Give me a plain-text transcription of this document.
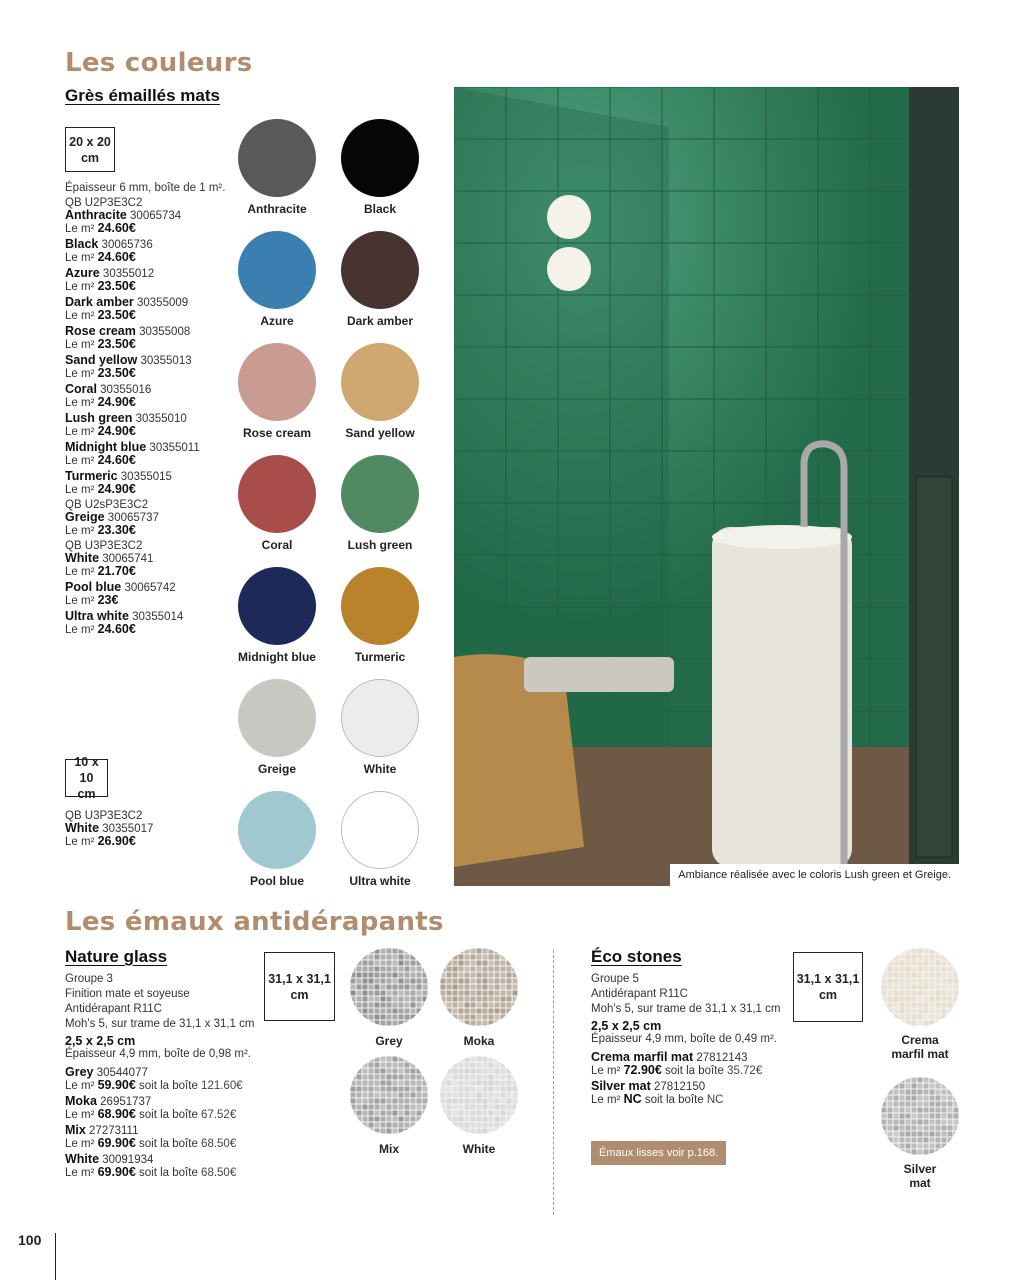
Les couleurs
Grès émaillés mats
20 x 20
cm
Épaisseur 6 mm, boîte de 1 m².
QB U2P3E3C2
Anthracite 30065734
Le m² 24.60€
Black 30065736
Le m² 24.60€
Azure 30355012
Le m² 23.50€
Dark amber 30355009
Le m² 23.50€
Rose cream 30355008
Le m² 23.50€
Sand yellow 30355013
Le m² 23.50€
Coral 30355016
Le m² 24.90€
Lush green 30355010
Le m² 24.90€
Midnight blue 30355011
Le m² 24.60€
Turmeric 30355015
Le m² 24.90€
QB U2sP3E3C2
Greige 30065737
Le m² 23.30€
QB U3P3E3C2
White 30065741
Le m² 21.70€
Pool blue 30065742
Le m² 23€
Ultra white 30355014
Le m² 24.60€
10 x 10
cm
QB U3P3E3C2
White 30355017
Le m² 26.90€
Anthracite	Black
Azure	Dark amber
Rose cream	Sand yellow
Coral	Lush green
Midnight blue	Turmeric
Greige	White
Pool blue	Ultra white	Ambiance réalisée avec le coloris Lush green et Greige.
Les émaux antidérapants
Nature glass
Groupe 3
Finition mate et soyeuse
Antidérapant R11C
Moh's 5, sur trame de 31,1 x 31,1 cm
2,5 x 2,5 cm
Épaisseur 4,9 mm, boîte de 0,98 m².
Grey 30544077
Le m² 59.90€ soit la boîte 121.60€
Moka 26951737
Le m² 68.90€ soit la boîte 67.52€
Mix 27273111
Le m² 69.90€ soit la boîte 68.50€
White 30091934
Le m² 69.90€ soit la boîte 68.50€
31,1 x 31,1
cm
Grey	Moka
Mix	White
Éco stones
Groupe 5
Antidérapant R11C
Moh's 5, sur trame de 31,1 x 31,1 cm
2,5 x 2,5 cm
Épaisseur 4,9 mm, boîte de 0,49 m².
Crema marfil mat 27812143
Le m² 72.90€ soit la boîte 35.72€
Silver mat 27812150
Le m² NC soit la boîte NC
Émaux lisses voir p.168.
31,1 x 31,1
cm
Crema
marfil mat
Silver
mat
100
